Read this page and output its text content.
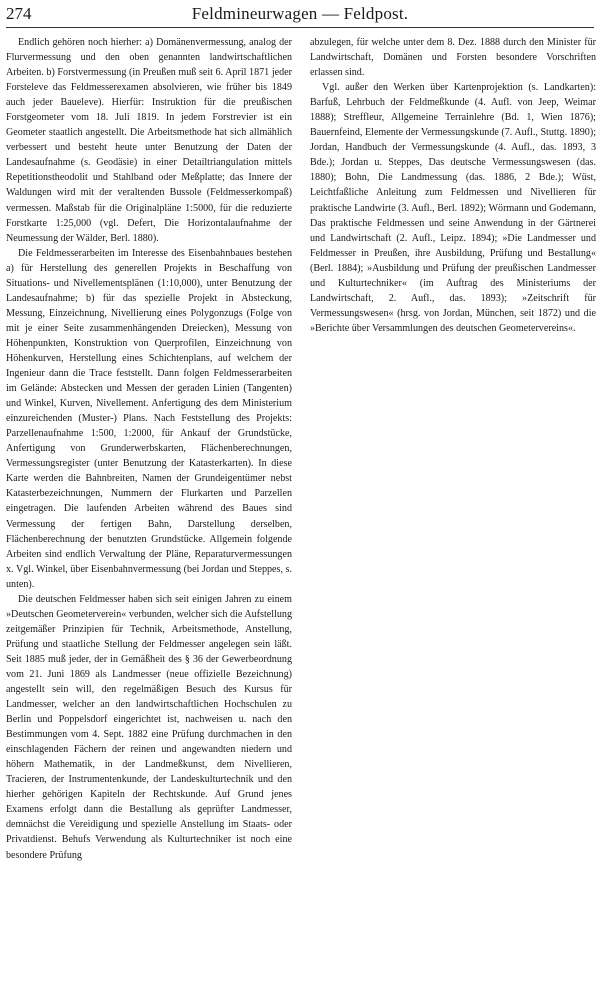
274	Feldmineurwagen — Feldpost.

Endlich gehören noch hierher: a) Domänenvermessung, analog der Flurvermessung und den oben genannten landwirtschaftlichen Arbeiten. b) Forstvermessung (in Preußen muß seit 6. April 1871 jeder Forsteleve das Feldmesserexamen absolvieren, wie früher bis 1849 auch jeder Baueleve). Hierfür: Instruktion für die preußischen Forstgeometer vom 18. Juli 1819. In jedem Forstrevier ist ein Geometer staatlich angestellt. Die Arbeitsmethode hat sich allmählich verbessert und besteht heute unter Benutzung der Daten der Landesaufnahme (s. Geodäsie) in einer Detailtriangulation mittels Repetitionstheodolit und Stahlband oder Meßplatte; das Innere der Waldungen wird mit der veraltenden Bussole (Feldmesserkompaß) vermessen. Maßstab für die Originalpläne 1:5000, für die reduzierte Forstkarte 1:25,000 (vgl. Defert, Die Horizontalaufnahme der Neumessung der Wälder, Berl. 1880).

Die Feldmesserarbeiten im Interesse des Eisenbahnbaues bestehen a) für Herstellung des generellen Projekts in Beschaffung von Situations- und Nivellementsplänen (1:10,000), unter Benutzung der Landesaufnahme; b) für das spezielle Projekt in Absteckung, Messung, Einzeichnung, Nivellierung eines Polygonzugs (Folge von mit je einer Seite zusammenhängenden Dreiecken), Messung von Höhenpunkten, Konstruktion von Querprofilen, Einzeichnung von Höhenkurven, Herstellung eines Schichtenplans, auf welchem der Ingenieur dann die Trace feststellt. Dann folgen Feldmesserarbeiten im Gelände: Abstecken und Messen der geraden Linien (Tangenten) und Winkel, Kurven, Nivellement. Anfertigung des dem Ministerium einzureichenden (Muster-) Plans. Nach Feststellung des Projekts: Parzellenaufnahme 1:500, 1:2000, für Ankauf der Grundstücke, Anfertigung von Grunderwerbskarten, Flächenberechnungen, Vermessungsregister (unter Benutzung der Katasterkarten). In diese Karte werden die Bahnbreiten, Namen der Grundeigentümer nebst Katasterbezeichnungen, Nummern der Flurkarten und Parzellen eingetragen. Die laufenden Arbeiten während des Baues sind Vermessung der fertigen Bahn, Darstellung derselben, Flächenberechnung der benutzten Grundstücke. Allgemein folgende Arbeiten sind endlich Verwaltung der Pläne, Reparaturvermessungen x. Vgl. Winkel, über Eisenbahnvermessung (bei Jordan und Steppes, s. unten).

Die deutschen Feldmesser haben sich seit einigen Jahren zu einem »Deutschen Geometerverein« verbunden, welcher sich die Aufstellung zeitgemäßer Prinzipien für Technik, Arbeitsmethode, Anstellung, Prüfung und staatliche Stellung der Feldmesser angelegen sein läßt. Seit 1885 muß jeder, der in Gemäßheit des § 36 der Gewerbeordnung vom 21. Juni 1869 als Landmesser (neue offizielle Bezeichnung) angestellt sein will, den regelmäßigen Besuch des Kursus für Landmesser, welcher an den landwirtschaftlichen Hochschulen zu Berlin und Poppelsdorf eingerichtet ist, nachweisen u. nach den Bestimmungen vom 4. Sept. 1882 eine Prüfung durchmachen in den einschlagenden Fächern der reinen und angewandten niedern und höhern Mathematik, in der Landmeßkunst, dem Nivellieren, Tracieren, der Instrumentenkunde, der Landeskulturtechnik und den hierher gehörigen Kapiteln der Rechtskunde. Auf Grund jenes Examens erfolgt dann die Bestallung als geprüfter Landmesser, demnächst die Vereidigung und spezielle Anstellung im Staats- oder Privatdienst. Behufs Verwendung als Kulturtechniker ist noch eine besondere Prüfung

abzulegen, für welche unter dem 8. Dez. 1888 durch den Minister für Landwirtschaft, Domänen und Forsten besondere Vorschriften erlassen sind.

Vgl. außer den Werken über Kartenprojektion (s. Landkarten): Barfuß, Lehrbuch der Feldmeßkunde (4. Aufl. von Jeep, Weimar 1888); Streffleur, Allgemeine Terrainlehre (Bd. 1, Wien 1876); Bauernfeind, Elemente der Vermessungskunde (7. Aufl., Stuttg. 1890); Jordan, Handbuch der Vermessungskunde (4. Aufl., das. 1893, 3 Bde.); Jordan u. Steppes, Das deutsche Vermessungswesen (das. 1880); Bohn, Die Landmessung (das. 1886, 2 Bde.); Wüst, Leichtfaßliche Anleitung zum Feldmessen und Nivellieren für praktische Landwirte (3. Aufl., Berl. 1892); Wörmann und Godemann, Das praktische Feldmessen und seine Anwendung in der Gärtnerei und Landwirtschaft (2. Aufl., Leipz. 1894); »Die Landmesser und Feldmesser in Preußen, ihre Ausbildung, Prüfung und Bestallung« (Berl. 1884); »Ausbildung und Prüfung der preußischen Landmesser und Kulturtechniker« (im Auftrag des Ministeriums der Landwirtschaft, 2. Aufl., das. 1893); »Zeitschrift für Vermessungswesen« (hrsg. von Jordan, München, seit 1872) und die »Berichte über Versammlungen des deutschen Geometervereins«.
